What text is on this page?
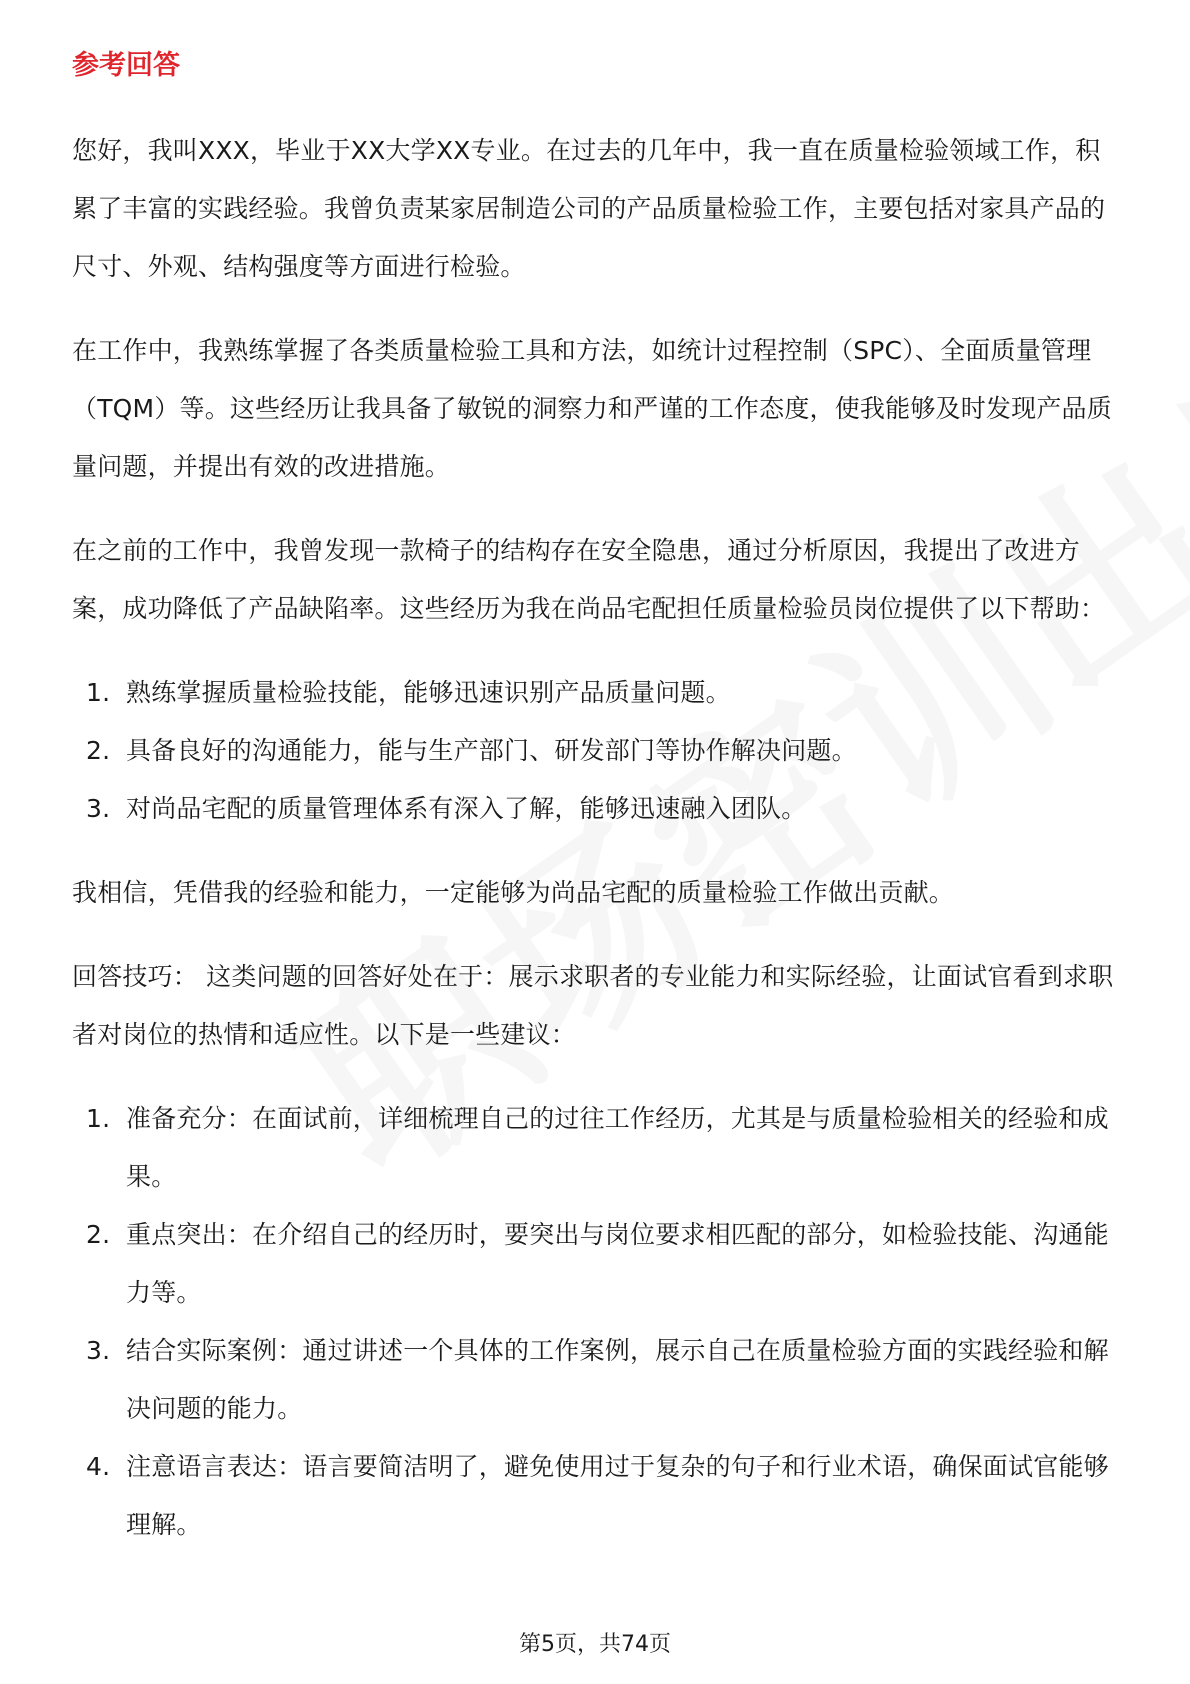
参考回答

您好，我叫XXX，毕业于XX大学XX专业。在过去的几年中，我一直在质量检验领域工作，积累了丰富的实践经验。我曾负责某家居制造公司的产品质量检验工作，主要包括对家具产品的尺寸、外观、结构强度等方面进行检验。

在工作中，我熟练掌握了各类质量检验工具和方法，如统计过程控制（SPC）、全面质量管理（TQM）等。这些经历让我具备了敏锐的洞察力和严谨的工作态度，使我能够及时发现产品质量问题，并提出有效的改进措施。

在之前的工作中，我曾发现一款椅子的结构存在安全隐患，通过分析原因，我提出了改进方案，成功降低了产品缺陷率。这些经历为我在尚品宅配担任质量检验员岗位提供了以下帮助：

1. 熟练掌握质量检验技能，能够迅速识别产品质量问题。
2. 具备良好的沟通能力，能与生产部门、研发部门等协作解决问题。
3. 对尚品宅配的质量管理体系有深入了解，能够迅速融入团队。

我相信，凭借我的经验和能力，一定能够为尚品宅配的质量检验工作做出贡献。

回答技巧： 这类问题的回答好处在于：展示求职者的专业能力和实际经验，让面试官看到求职者对岗位的热情和适应性。以下是一些建议：

1. 准备充分：在面试前，详细梳理自己的过往工作经历，尤其是与质量检验相关的经验和成果。
2. 重点突出：在介绍自己的经历时，要突出与岗位要求相匹配的部分，如检验技能、沟通能力等。
3. 结合实际案例：通过讲述一个具体的工作案例，展示自己在质量检验方面的实践经验和解决问题的能力。
4. 注意语言表达：语言要简洁明了，避免使用过于复杂的句子和行业术语，确保面试官能够理解。
第5页，共74页
